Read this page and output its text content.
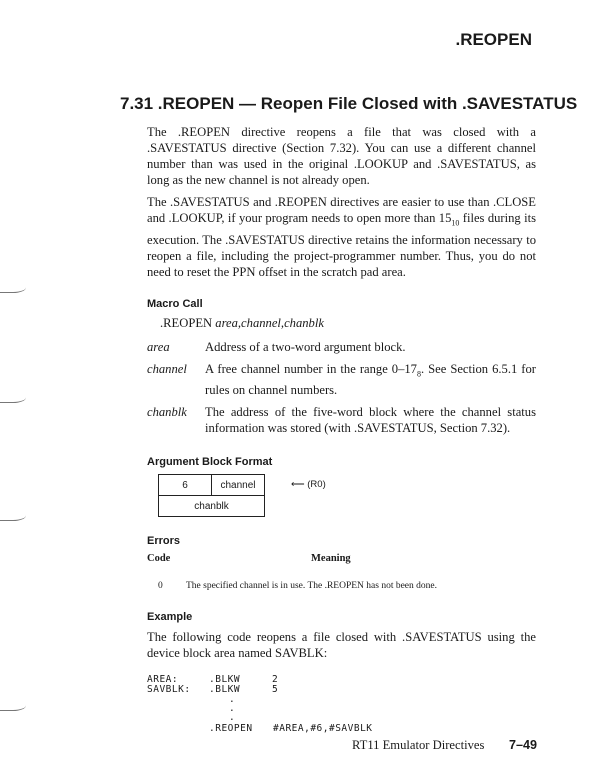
.REOPEN
7.31 .REOPEN — Reopen File Closed with .SAVESTATUS

The .REOPEN directive reopens a file that was closed with a .SAVESTATUS directive (Section 7.32). You can use a different channel number than was used in the original .LOOKUP and .SAVESTATUS, as long as the new channel is not already open.

The .SAVESTATUS and .REOPEN directives are easier to use than .CLOSE and .LOOKUP, if your program needs to open more than $15_{10}$ files during its execution. The .SAVESTATUS directive retains the information necessary to reopen a file, including the project-programmer number. Thus, you do not need to reset the PPN offset in the scratch pad area.

Macro Call
.REOPEN area,channel,chanblk
area	Address of a two-word argument block.
channel	A free channel number in the range $0-17_8$. See Section 6.5.1 for rules on channel numbers.
chanblk	The address of the five-word block where the channel status information was stored (with .SAVESTATUS, Section 7.32).
Argument Block Format
6	channel
chanblk
⟵ (R0)
Errors
Code	Meaning
0	The specified channel is in use. The .REOPEN has not been done.
Example

The following code reopens a file closed with .SAVESTATUS using the device block area named SAVBLK:

AREA:	.BLKW	2
SAVBLK: .BLKW	5
.
.
.
.REOPEN #AREA,#6,#SAVBLK
RT11 Emulator Directives 7–49
